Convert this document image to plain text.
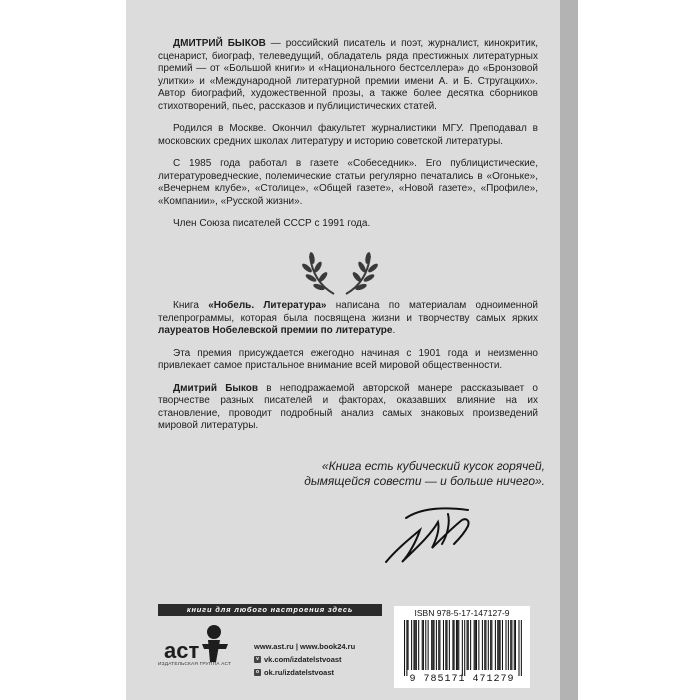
ДМИТРИЙ БЫКОВ — российский писатель и поэт, журналист, кинокритик, сценарист, биограф, телеведущий, обладатель ряда престижных литературных премий — от «Большой книги» и «Национального бестселлера» до «Бронзовой улитки» и «Международной литературной премии имени А. и Б. Стругацких». Автор биографий, художественной прозы, а также более десятка сборников стихотворений, пьес, рассказов и публицистических статей.

Родился в Москве. Окончил факультет журналистики МГУ. Преподавал в московских средних школах литературу и историю советской литературы.

С 1985 года работал в газете «Собеседник». Его публицистические, литературоведческие, полемические статьи регулярно печатались в «Огоньке», «Вечернем клубе», «Столице», «Общей газете», «Новой газете», «Профиле», «Компании», «Русской жизни».

Член Союза писателей СССР с 1991 года.

Книга «Нобель. Литература» написана по материалам одноименной телепрограммы, которая была посвящена жизни и творчеству самых ярких лауреатов Нобелевской премии по литературе.

Эта премия присуждается ежегодно начиная с 1901 года и неизменно привлекает самое пристальное внимание всей мировой общественности.

Дмитрий Быков в неподражаемой авторской манере рассказывает о творчестве разных писателей и факторах, оказавших влияние на их становление, проводит подробный анализ самых знаковых произведений мировой литературы.

«Книга есть кубический кусок горячей,
дымящейся совести — и больше ничего».
книги для любого настроения здесь
аст
ИЗДАТЕЛЬСКАЯ ГРУППА АСТ
www.ast.ru | www.book24.ru
v vk.com/izdatelstvoast
o ok.ru/izdatelstvoast
ISBN 978-5-17-147127-9
9 785171 471279
